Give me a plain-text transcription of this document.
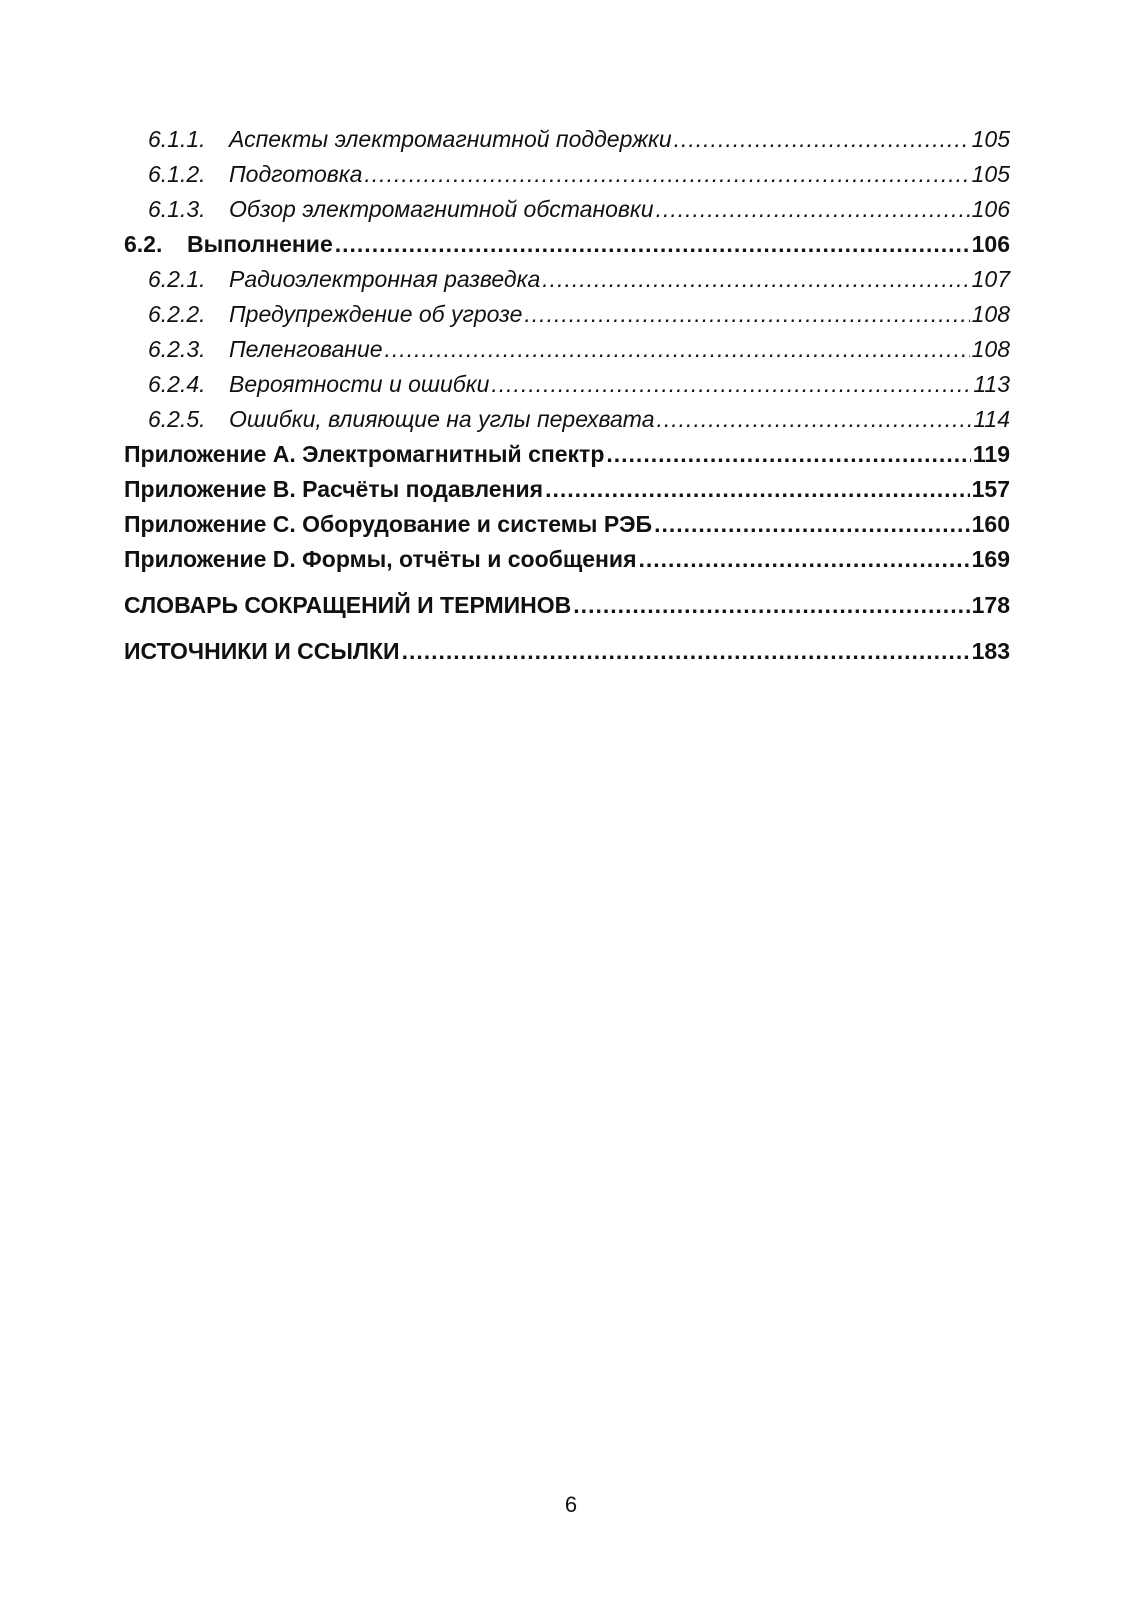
6.1.1.	Аспекты электромагнитной поддержки .....	105
6.1.2.	Подготовка .....	105
6.1.3.	Обзор электромагнитной обстановки .....	106
6.2.	Выполнение .....	106
6.2.1.	Радиоэлектронная разведка .....	107
6.2.2.	Предупреждение об угрозе .....	108
6.2.3.	Пеленгование .....	108
6.2.4.	Вероятности и ошибки .....	113
6.2.5.	Ошибки, влияющие на углы перехвата .....	114
Приложение А. Электромагнитный спектр .....	119
Приложение В. Расчёты подавления .....	157
Приложение С. Оборудование и системы РЭБ .....	160
Приложение D. Формы, отчёты и сообщения .....	169
СЛОВАРЬ СОКРАЩЕНИЙ И ТЕРМИНОВ .....	178
ИСТОЧНИКИ И ССЫЛКИ .....	183
6
